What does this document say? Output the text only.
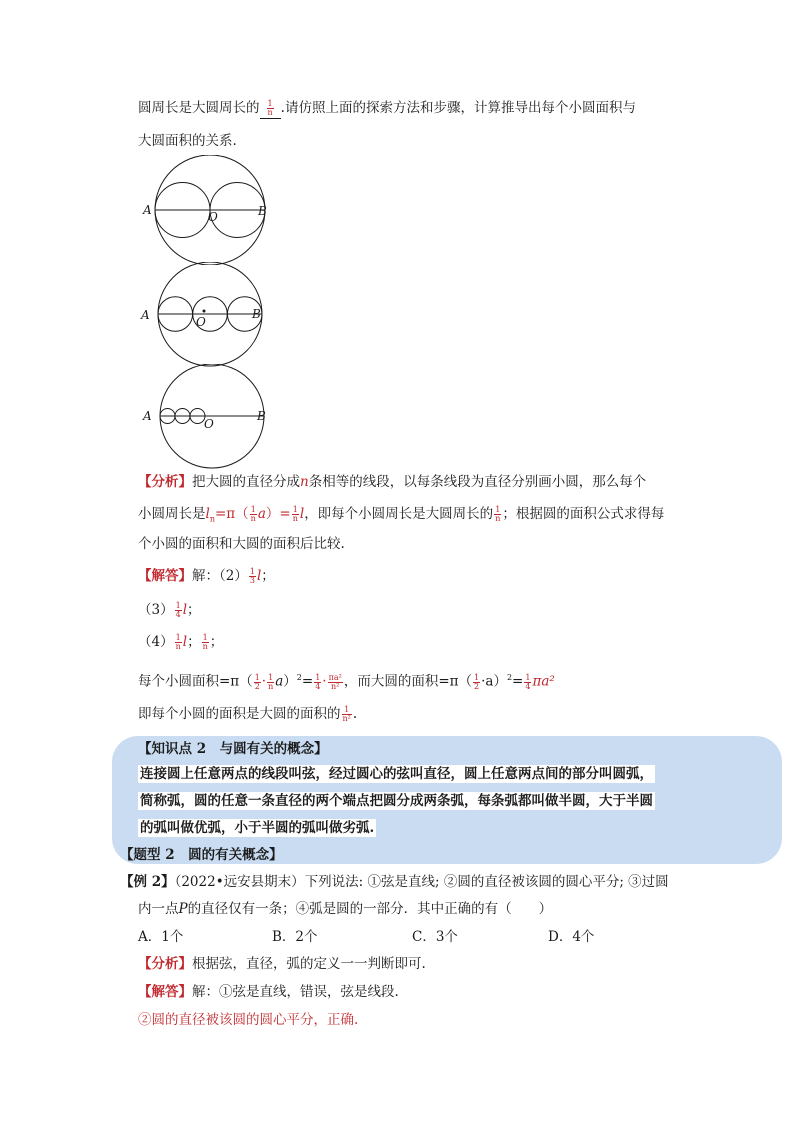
圆周长是大圆周长的 $\frac{1}{n}$ .请仿照上面的探索方法和步骤，计算推导出每个小圆面积与
大圆面积的关系.
A	B
O
A	B
O
A	B
O
【分析】把大圆的直径分成n条相等的线段，以每条线段为直径分别画小圆，那么每个
小圆周长是$l_n=\pi( \frac{1}{n} a)= \frac{1}{n}$ l，即每个小圆周长是大圆周长的 $\frac{1}{n}$ ；根据圆的面积公式求得每
个小圆的面积和大圆的面积后比较.
【解答】解：$(2) \frac{1}{3}$ l；
$(3) \frac{1}{4}$ l；
$(4) \frac{1}{n}$ l； $\frac{1}{n}$ ；
每个小圆面积$=\pi( \frac{1}{2} \cdot \frac{1}{n} a)^2= \frac{1}{4} \cdot \frac{\text{πa²}}{\text{n²}}$ ，而大圆的面积$=\pi( \frac{1}{2} \cdot a)^2= \frac{1}{4} \pi a^2$
即每个小圆的面积是大圆的面积的 $\frac{1}{\text{n²}}$ .
【知识点 2　与圆有关的概念】
连接圆上任意两点的线段叫弦，经过圆心的弦叫直径，圆上任意两点间的部分叫圆弧，
简称弧，圆的任意一条直径的两个端点把圆分成两条弧，每条弧都叫做半圆，大于半圆
的弧叫做优弧，小于半圆的弧叫做劣弧.
【题型 2　圆的有关概念】
【例 2】（2022•远安县期末）下列说法: ①弦是直线; ②圆的直径被该圆的圆心平分; ③过圆
内一点P的直径仅有一条；④弧是圆的一部分．其中正确的有（　　）
A．1个	B．2个	C．3个	D．4个
【分析】根据弦，直径，弧的定义一一判断即可.
【解答】解：①弦是直线，错误，弦是线段.
②圆的直径被该圆的圆心平分，正确.
